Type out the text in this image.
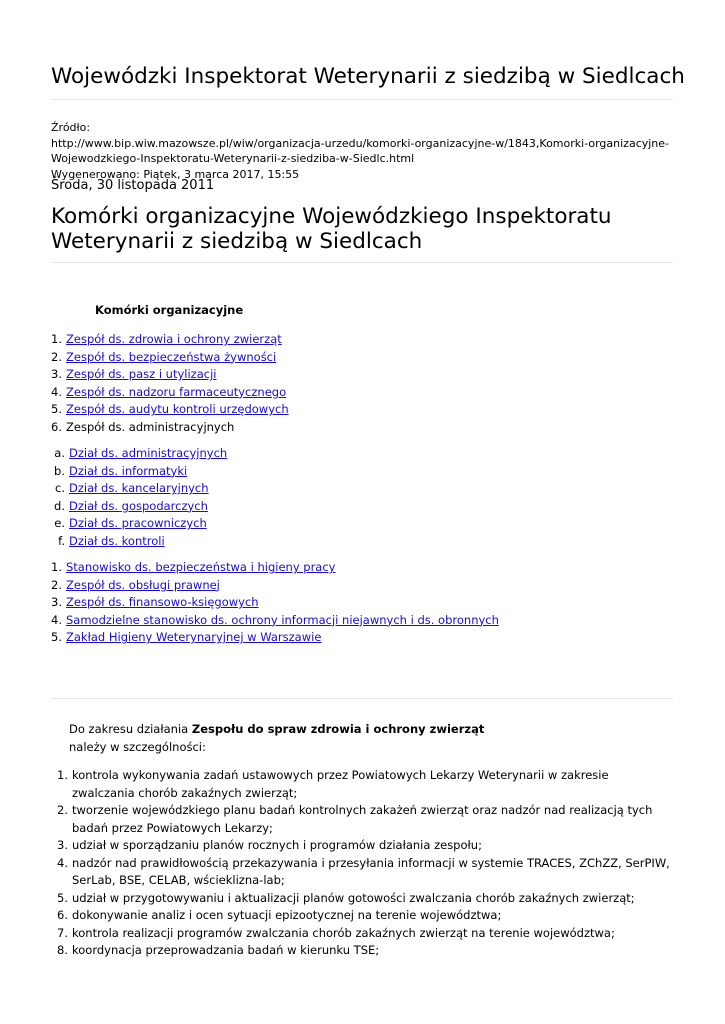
Wojewódzki Inspektorat Weterynarii z siedzibą w Siedlcach
Źródło:
http://www.bip.wiw.mazowsze.pl/wiw/organizacja-urzedu/komorki-organizacyjne-w/1843,Komorki-organizacyjne-Wojewodzkiego-Inspektoratu-Weterynarii-z-siedziba-w-Siedlc.html
Wygenerowano: Piątek, 3 marca 2017, 15:55
Środa, 30 listopada 2011
Komórki organizacyjne Wojewódzkiego Inspektoratu Weterynarii z siedzibą w Siedlcach
Komórki organizacyjne
1. Zespół ds. zdrowia i ochrony zwierząt
2. Zespół ds. bezpieczeństwa żywności
3. Zespół ds. pasz i utylizacji
4. Zespół ds. nadzoru farmaceutycznego
5. Zespół ds. audytu kontroli urzędowych
6. Zespół ds. administracyjnych
a. Dział ds. administracyjnych
b. Dział ds. informatyki
c. Dział ds. kancelaryjnych
d. Dział ds. gospodarczych
e. Dział ds. pracowniczych
f. Dział ds. kontroli
1. Stanowisko ds. bezpieczeństwa i higieny pracy
2. Zespół ds. obsługi prawnej
3. Zespół ds. finansowo-księgowych
4. Samodzielne stanowisko ds. ochrony informacji niejawnych i ds. obronnych
5. Zakład Higieny Weterynaryjnej w Warszawie
Do zakresu działania Zespołu do spraw zdrowia i ochrony zwierząt należy w szczególności:
1. kontrola wykonywania zadań ustawowych przez Powiatowych Lekarzy Weterynarii w zakresie zwalczania chorób zakaźnych zwierząt;
2. tworzenie wojewódzkiego planu badań kontrolnych zakażeń zwierząt oraz nadzór nad realizacją tych badań przez Powiatowych Lekarzy;
3. udział w sporządzaniu planów rocznych i programów działania zespołu;
4. nadzór nad prawidłowością przekazywania i przesyłania informacji w systemie TRACES, ZChZZ, SerPIW, SerLab, BSE, CELAB, wścieklizna-lab;
5. udział w przygotowywaniu i aktualizacji planów gotowości zwalczania chorób zakaźnych zwierząt;
6. dokonywanie analiz i ocen sytuacji epizootycznej na terenie województwa;
7. kontrola realizacji programów zwalczania chorób zakaźnych zwierząt na terenie województwa;
8. koordynacja przeprowadzania badań w kierunku TSE;
